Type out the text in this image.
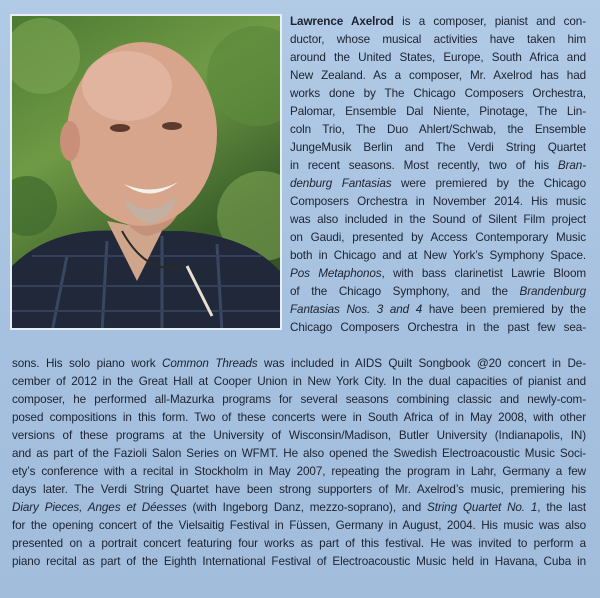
Lawrence Axelrod is a composer, pianist and con-
ductor, whose musical activities have taken him
around the United States, Europe, South Africa and
New Zealand. As a composer, Mr. Axelrod has had
works done by The Chicago Composers Orchestra,
Palomar, Ensemble Dal Niente, Pinotage, The Lin-
coln Trio, The Duo Ahlert/Schwab, the Ensemble
JungeMusik Berlin and The Verdi String Quartet
in recent seasons. Most recently, two of his Bran-
denburg Fantasias were premiered by the Chicago
Composers Orchestra in November 2014. His music
was also included in the Sound of Silent Film project
on Gaudi, presented by Access Contemporary Music
both in Chicago and at New York’s Symphony Space.
Pos Metaphonos, with bass clarinetist Lawrie Bloom
of the Chicago Symphony, and the Brandenburg
Fantasias Nos. 3 and 4 have been premiered by the
Chicago Composers Orchestra in the past few sea-
sons. His solo piano work Common Threads was included in AIDS Quilt Songbook @20 concert in De-
cember of 2012 in the Great Hall at Cooper Union in New York City. In the dual capacities of pianist and
composer, he performed all-Mazurka programs for several seasons combining classic and newly-com-
posed compositions in this form. Two of these concerts were in South Africa of in May 2008, with other
versions of these programs at the University of Wisconsin/Madison, Butler University (Indianapolis, IN)
and as part of the Fazioli Salon Series on WFMT. He also opened the Swedish Electroacoustic Music Soci-
ety’s conference with a recital in Stockholm in May 2007, repeating the program in Lahr, Germany a few
days later. The Verdi String Quartet have been strong supporters of Mr. Axelrod’s music, premiering his
Diary Pieces, Anges et Déesses (with Ingeborg Danz, mezzo-soprano), and String Quartet No. 1, the last
for the opening concert of the Vielsaitig Festival in Füssen, Germany in August, 2004. His music was also
presented on a portrait concert featuring four works as part of this festival. He was invited to perform a
piano recital as part of the Eighth International Festival of Electroacoustic Music held in Havana, Cuba in
